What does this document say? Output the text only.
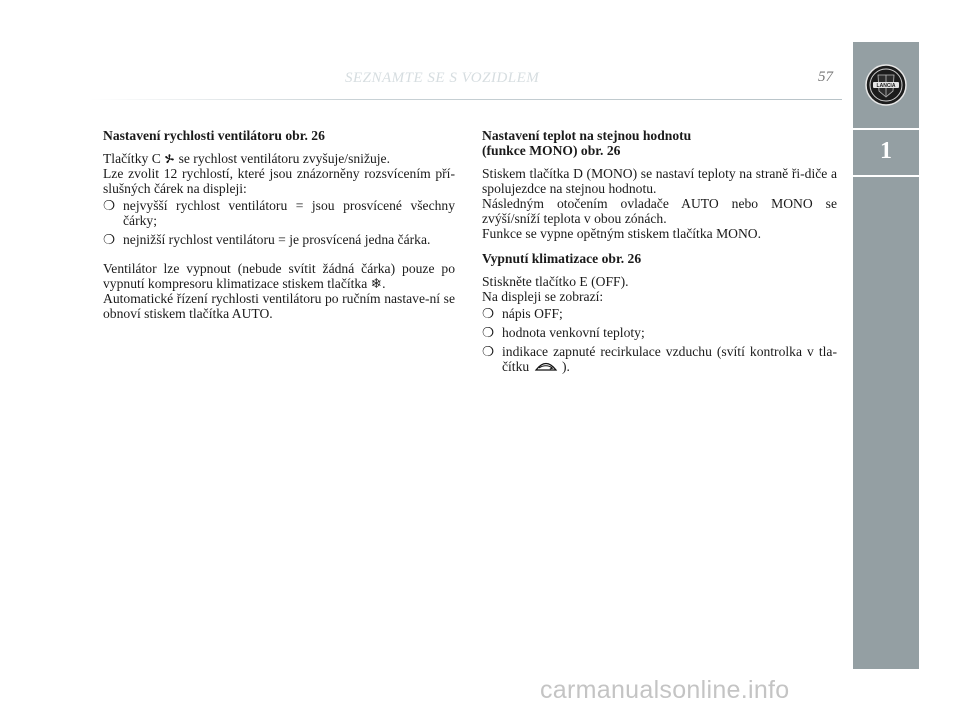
SEZNAMTE SE S VOZIDLEM	57
LANCIA
1
Nastavení rychlosti ventilátoru obr. 26

Tlačítky C se rychlost ventilátoru zvyšuje/snižuje.

Lze zvolit 12 rychlostí, které jsou znázorněny rozsvícením pří-slušných čárek na displeji:

❍ nejvyšší rychlost ventilátoru = jsou prosvícené všechny čárky;
❍ nejnižší rychlost ventilátoru = je prosvícená jedna čárka.

Ventilátor lze vypnout (nebude svítit žádná čárka) pouze po vypnutí kompresoru klimatizace stiskem tlačítka ❄.

Automatické řízení rychlosti ventilátoru po ručním nastave-ní se obnoví stiskem tlačítka AUTO.

Nastavení teplot na stejnou hodnotu
(funkce MONO) obr. 26

Stiskem tlačítka D (MONO) se nastaví teploty na straně ři-diče a spolujezdce na stejnou hodnotu.

Následným otočením ovladače AUTO nebo MONO se zvýší/sníží teplota v obou zónách.

Funkce se vypne opětným stiskem tlačítka MONO.

Vypnutí klimatizace obr. 26

Stiskněte tlačítko E (OFF).

Na displeji se zobrazí:

❍ nápis OFF;
❍ hodnota venkovní teploty;
❍ indikace zapnuté recirkulace vzduchu (svítí kontrolka v tla-čítku ).
carmanualsonline.info
